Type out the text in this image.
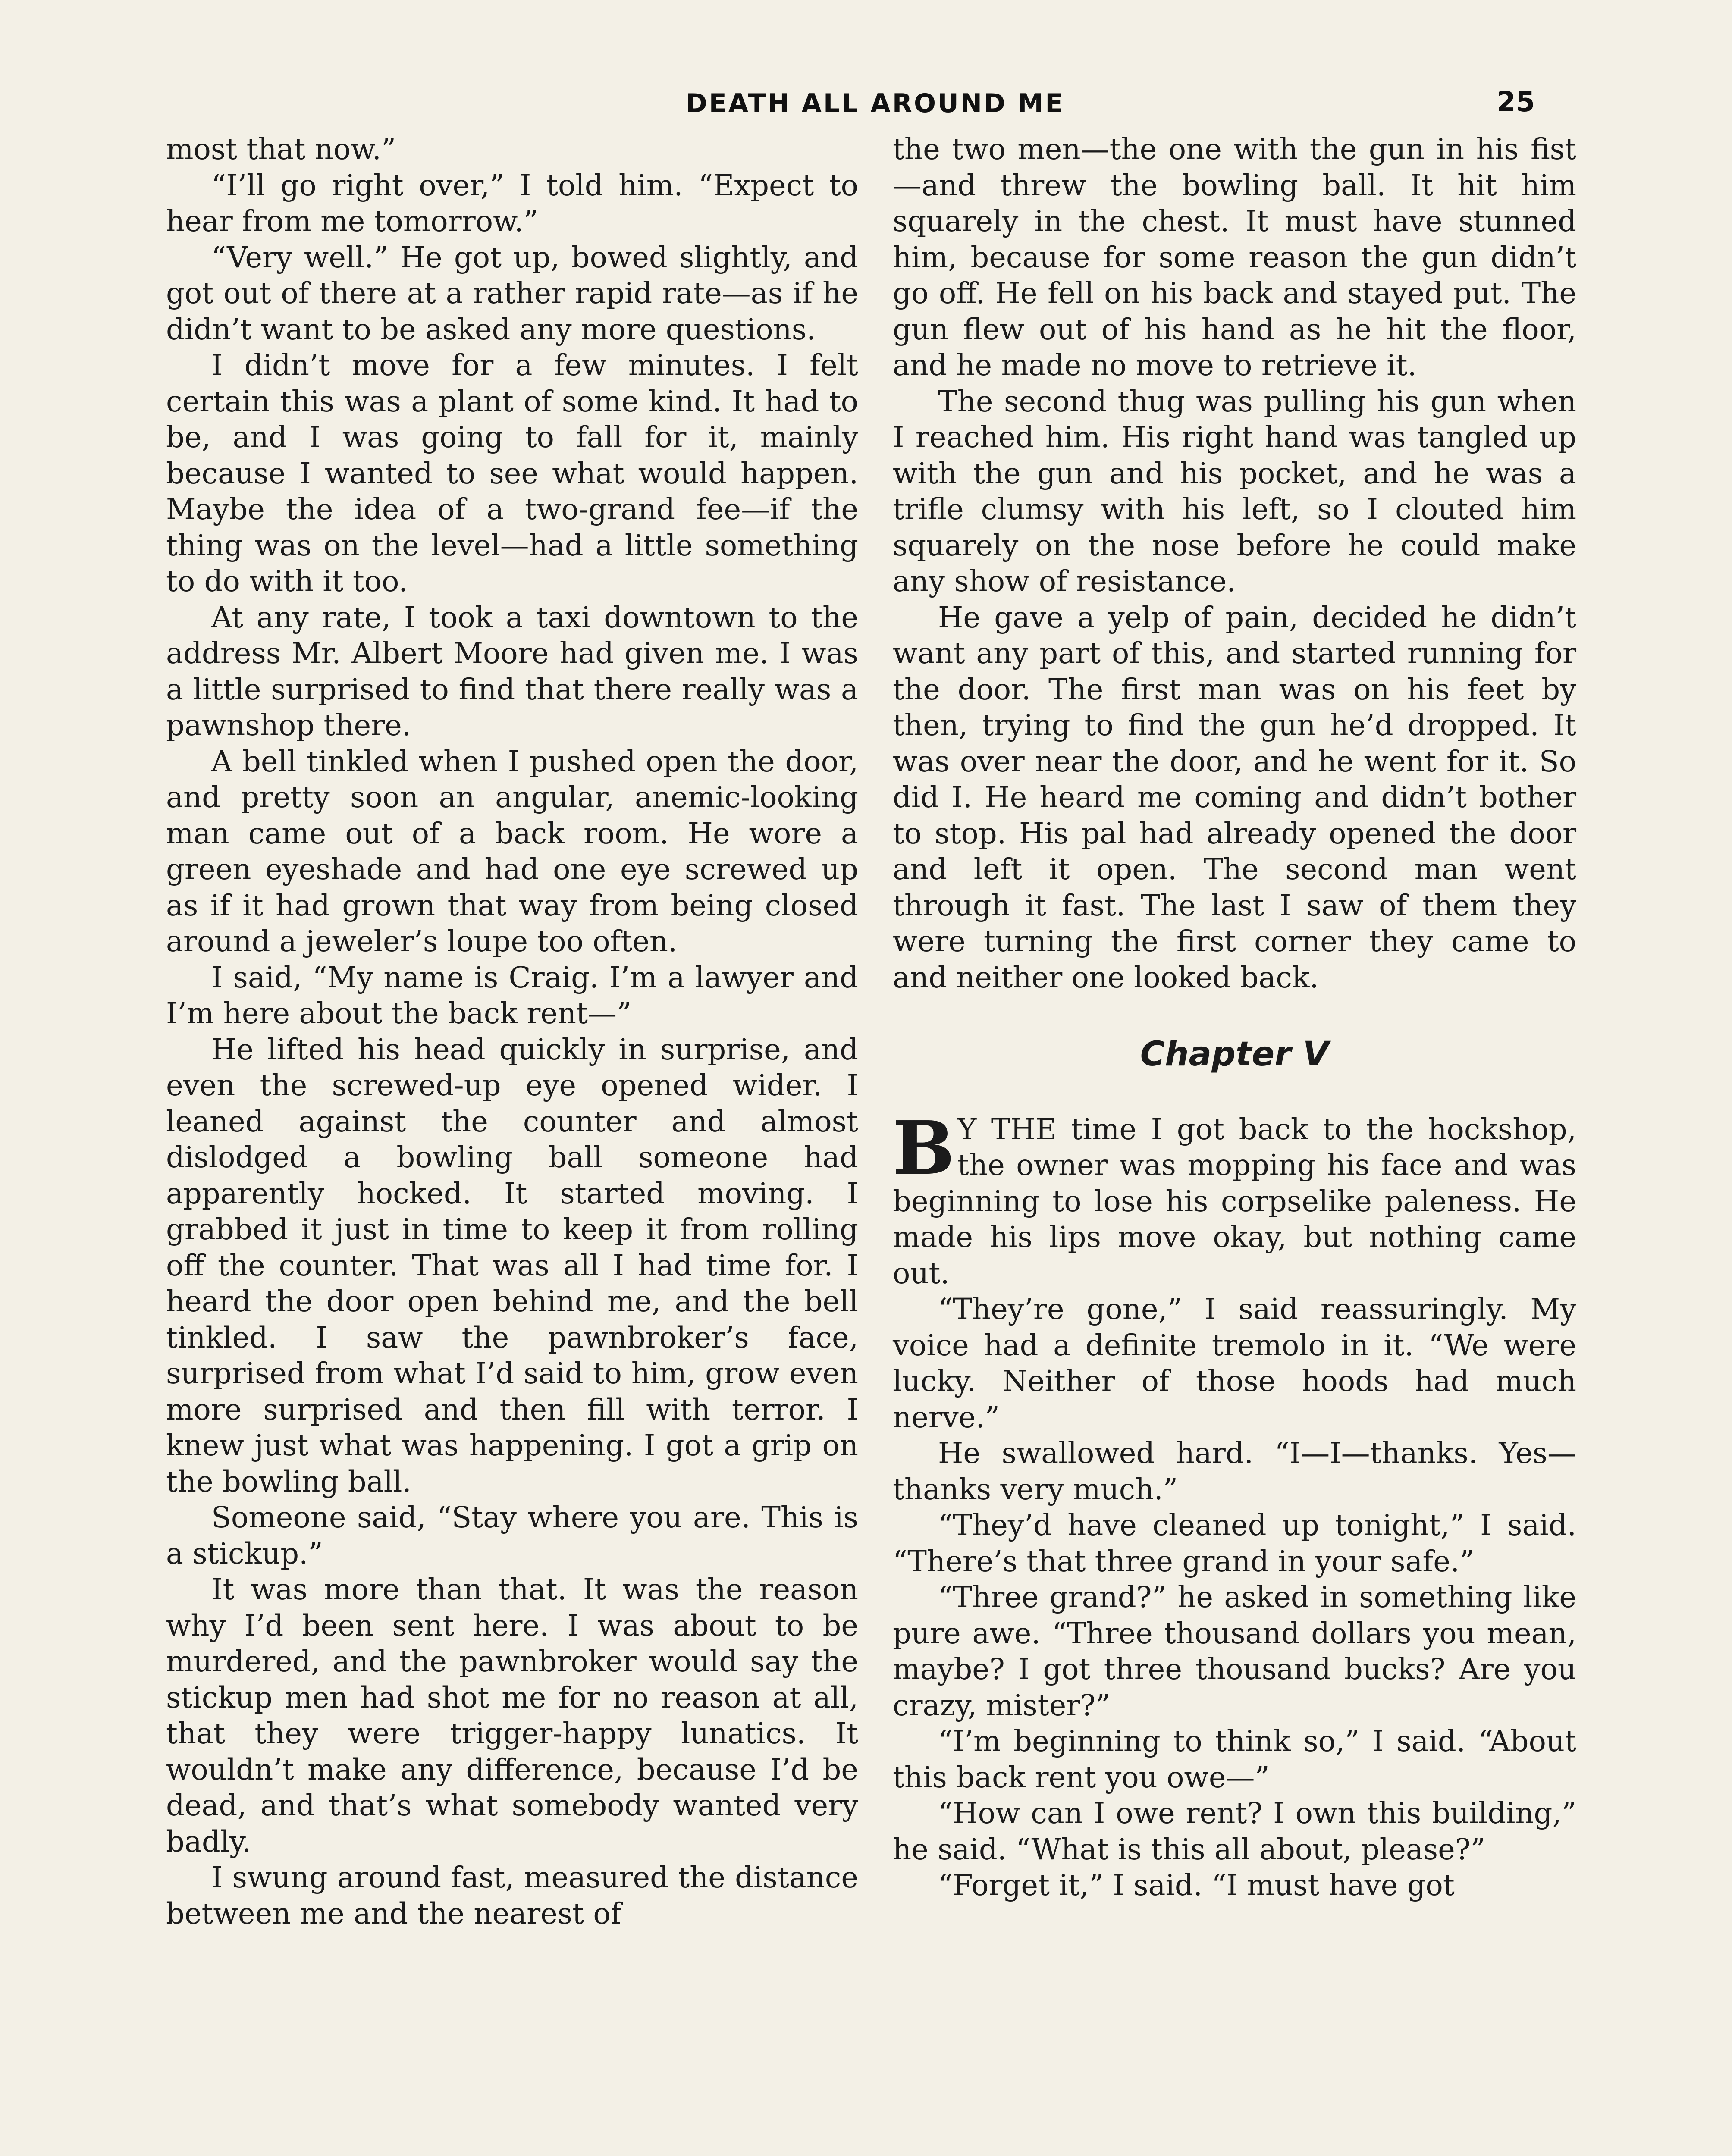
DEATH ALL AROUND ME	25

most that now.”

“I’ll go right over,” I told him. “Expect to hear from me tomorrow.”

“Very well.” He got up, bowed slightly, and got out of there at a rather rapid rate—as if he didn’t want to be asked any more questions.

I didn’t move for a few minutes. I felt certain this was a plant of some kind. It had to be, and I was going to fall for it, mainly because I wanted to see what would happen. Maybe the idea of a two-grand fee—if the thing was on the level—had a little something to do with it too.

At any rate, I took a taxi downtown to the address Mr. Albert Moore had given me. I was a little surprised to find that there really was a pawnshop there.

A bell tinkled when I pushed open the door, and pretty soon an angular, anemic-looking man came out of a back room. He wore a green eyeshade and had one eye screwed up as if it had grown that way from being closed around a jeweler’s loupe too often.

I said, “My name is Craig. I’m a lawyer and I’m here about the back rent—”

He lifted his head quickly in surprise, and even the screwed-up eye opened wider. I leaned against the counter and almost dislodged a bowling ball someone had apparently hocked. It started moving. I grabbed it just in time to keep it from rolling off the counter. That was all I had time for. I heard the door open behind me, and the bell tinkled. I saw the pawnbroker’s face, surprised from what I’d said to him, grow even more surprised and then fill with terror. I knew just what was happening. I got a grip on the bowling ball.

Someone said, “Stay where you are. This is a stickup.”

It was more than that. It was the reason why I’d been sent here. I was about to be murdered, and the pawnbroker would say the stickup men had shot me for no reason at all, that they were trigger-happy lunatics. It wouldn’t make any difference, because I’d be dead, and that’s what somebody wanted very badly.

I swung around fast, measured the distance between me and the nearest of

the two men—the one with the gun in his fist—and threw the bowling ball. It hit him squarely in the chest. It must have stunned him, because for some reason the gun didn’t go off. He fell on his back and stayed put. The gun flew out of his hand as he hit the floor, and he made no move to retrieve it.

The second thug was pulling his gun when I reached him. His right hand was tangled up with the gun and his pocket, and he was a trifle clumsy with his left, so I clouted him squarely on the nose before he could make any show of resistance.

He gave a yelp of pain, decided he didn’t want any part of this, and started running for the door. The first man was on his feet by then, trying to find the gun he’d dropped. It was over near the door, and he went for it. So did I. He heard me coming and didn’t bother to stop. His pal had already opened the door and left it open. The second man went through it fast. The last I saw of them they were turning the first corner they came to and neither one looked back.

Chapter V

B Y THE time I got back to the hockshop, the owner was mopping his face and was beginning to lose his corpselike paleness. He made his lips move okay, but nothing came out.

“They’re gone,” I said reassuringly. My voice had a definite tremolo in it. “We were lucky. Neither of those hoods had much nerve.”

He swallowed hard. “I—I—thanks. Yes—thanks very much.”

“They’d have cleaned up tonight,” I said. “There’s that three grand in your safe.”

“Three grand?” he asked in something like pure awe. “Three thousand dollars you mean, maybe? I got three thousand bucks? Are you crazy, mister?”

“I’m beginning to think so,” I said. “About this back rent you owe—”

“How can I owe rent? I own this building,” he said. “What is this all about, please?”

“Forget it,” I said. “I must have got
